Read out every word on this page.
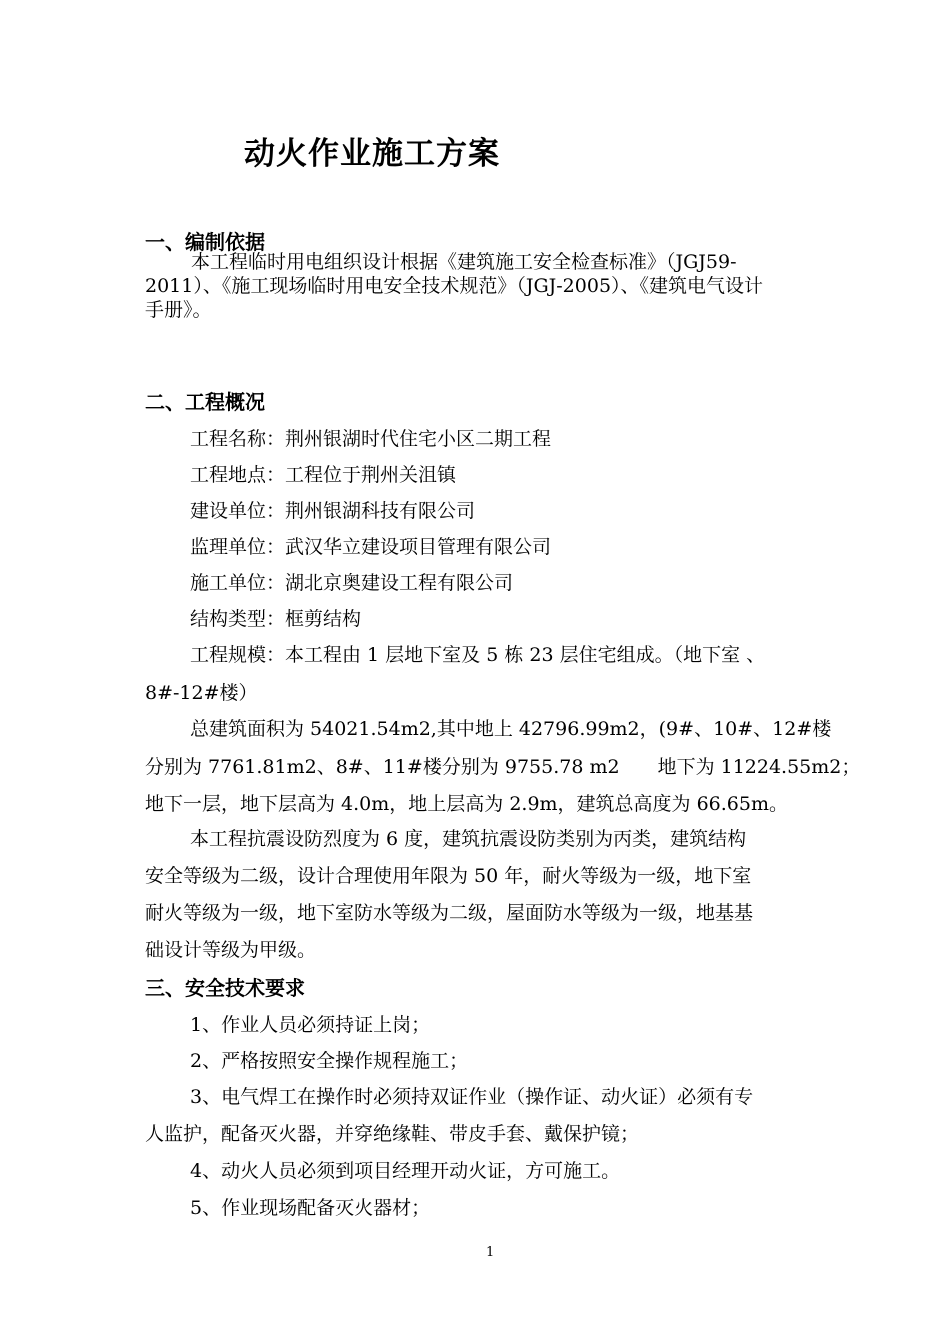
动火作业施工方案
一、编制依据

本工程临时用电组织设计根据《建筑施工安全检查标准》（JGJ59-

2011）、《施工现场临时用电安全技术规范》（JGJ-2005）、《建筑电气设计

手册》。

二、工程概况
工程名称：荆州银湖时代住宅小区二期工程
工程地点：工程位于荆州关沮镇
建设单位：荆州银湖科技有限公司
监理单位：武汉华立建设项目管理有限公司
施工单位：湖北京奥建设工程有限公司
结构类型：框剪结构
工程规模：本工程由 1 层地下室及 5 栋 23 层住宅组成。（地下室 、
8#-12#楼）
总建筑面积为 54021.54m2,其中地上 42796.99m2，(9#、10#、12#楼
分别为 7761.81m2、8#、11#楼分别为 9755.78 m2　　地下为 11224.55m2；
地下一层，地下层高为 4.0m，地上层高为 2.9m，建筑总高度为 66.65m。
本工程抗震设防烈度为 6 度，建筑抗震设防类别为丙类，建筑结构
安全等级为二级，设计合理使用年限为 50 年，耐火等级为一级，地下室
耐火等级为一级，地下室防水等级为二级，屋面防水等级为一级，地基基
础设计等级为甲级。
三、安全技术要求
1、作业人员必须持证上岗；
2、严格按照安全操作规程施工；
3、电气焊工在操作时必须持双证作业（操作证、动火证）必须有专
人监护，配备灭火器，并穿绝缘鞋、带皮手套、戴保护镜；
4、动火人员必须到项目经理开动火证，方可施工。
5、作业现场配备灭火器材；
1
